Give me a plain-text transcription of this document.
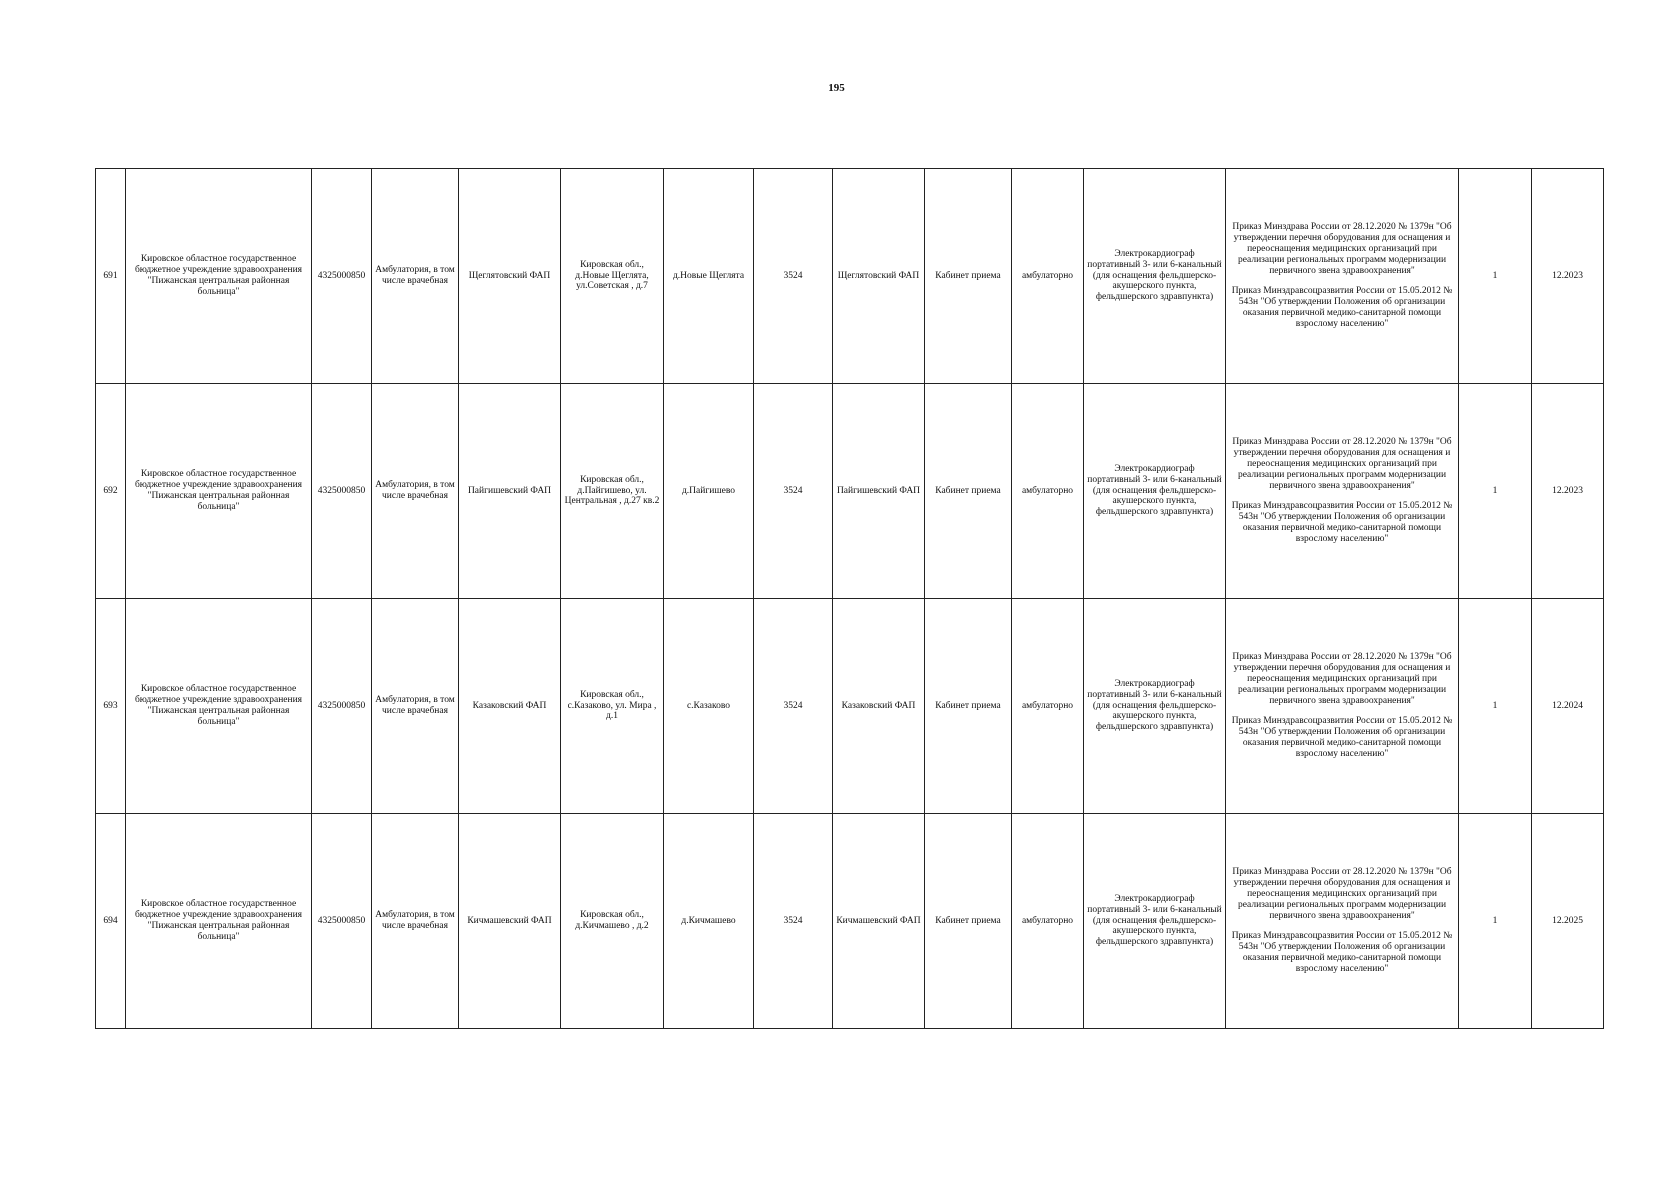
195
691	Кировское областное государственное бюджетное учреждение здравоохранения "Пижанская центральная районная больница"	4325000850	Амбулатория, в том числе врачебная	Щеглятовский ФАП	Кировская обл., д.Новые Щеглята, ул.Советская , д.7	д.Новые Щеглята	3524	Щеглятовский ФАП	Кабинет приема	амбулаторно	Электрокардиограф портативный 3- или 6-канальный (для оснащения фельдшерско-акушерского пункта, фельдшерского здравпункта)	Приказ Минздрава России от 28.12.2020 № 1379н "Об утверждении перечня оборудования для оснащения и переоснащения медицинских организаций при реализации региональных программ модернизации первичного звена здравоохранения"

Приказ Минздравсоцразвития России от 15.05.2012 № 543н "Об утверждении Положения об организации оказания первичной медико-санитарной помощи взрослому населению"	1	12.2023
692	Кировское областное государственное бюджетное учреждение здравоохранения "Пижанская центральная районная больница"	4325000850	Амбулатория, в том числе врачебная	Пайгишевский ФАП	Кировская обл., д.Пайгишево, ул. Центральная , д.27 кв.2	д.Пайгишево	3524	Пайгишевский ФАП	Кабинет приема	амбулаторно	Электрокардиограф портативный 3- или 6-канальный (для оснащения фельдшерско-акушерского пункта, фельдшерского здравпункта)	Приказ Минздрава России от 28.12.2020 № 1379н "Об утверждении перечня оборудования для оснащения и переоснащения медицинских организаций при реализации региональных программ модернизации первичного звена здравоохранения"

Приказ Минздравсоцразвития России от 15.05.2012 № 543н "Об утверждении Положения об организации оказания первичной медико-санитарной помощи взрослому населению"	1	12.2023
693	Кировское областное государственное бюджетное учреждение здравоохранения "Пижанская центральная районная больница"	4325000850	Амбулатория, в том числе врачебная	Казаковский ФАП	Кировская обл., с.Казаково, ул. Мира , д.1	с.Казаково	3524	Казаковский ФАП	Кабинет приема	амбулаторно	Электрокардиограф портативный 3- или 6-канальный (для оснащения фельдшерско-акушерского пункта, фельдшерского здравпункта)	Приказ Минздрава России от 28.12.2020 № 1379н "Об утверждении перечня оборудования для оснащения и переоснащения медицинских организаций при реализации региональных программ модернизации первичного звена здравоохранения"

Приказ Минздравсоцразвития России от 15.05.2012 № 543н "Об утверждении Положения об организации оказания первичной медико-санитарной помощи взрослому населению"	1	12.2024
694	Кировское областное государственное бюджетное учреждение здравоохранения "Пижанская центральная районная больница"	4325000850	Амбулатория, в том числе врачебная	Кичмашевский ФАП	Кировская обл., д.Кичмашево , д.2	д.Кичмашево	3524	Кичмашевский ФАП	Кабинет приема	амбулаторно	Электрокардиограф портативный 3- или 6-канальный (для оснащения фельдшерско-акушерского пункта, фельдшерского здравпункта)	Приказ Минздрава России от 28.12.2020 № 1379н "Об утверждении перечня оборудования для оснащения и переоснащения медицинских организаций при реализации региональных программ модернизации первичного звена здравоохранения"

Приказ Минздравсоцразвития России от 15.05.2012 № 543н "Об утверждении Положения об организации оказания первичной медико-санитарной помощи взрослому населению"	1	12.2025
